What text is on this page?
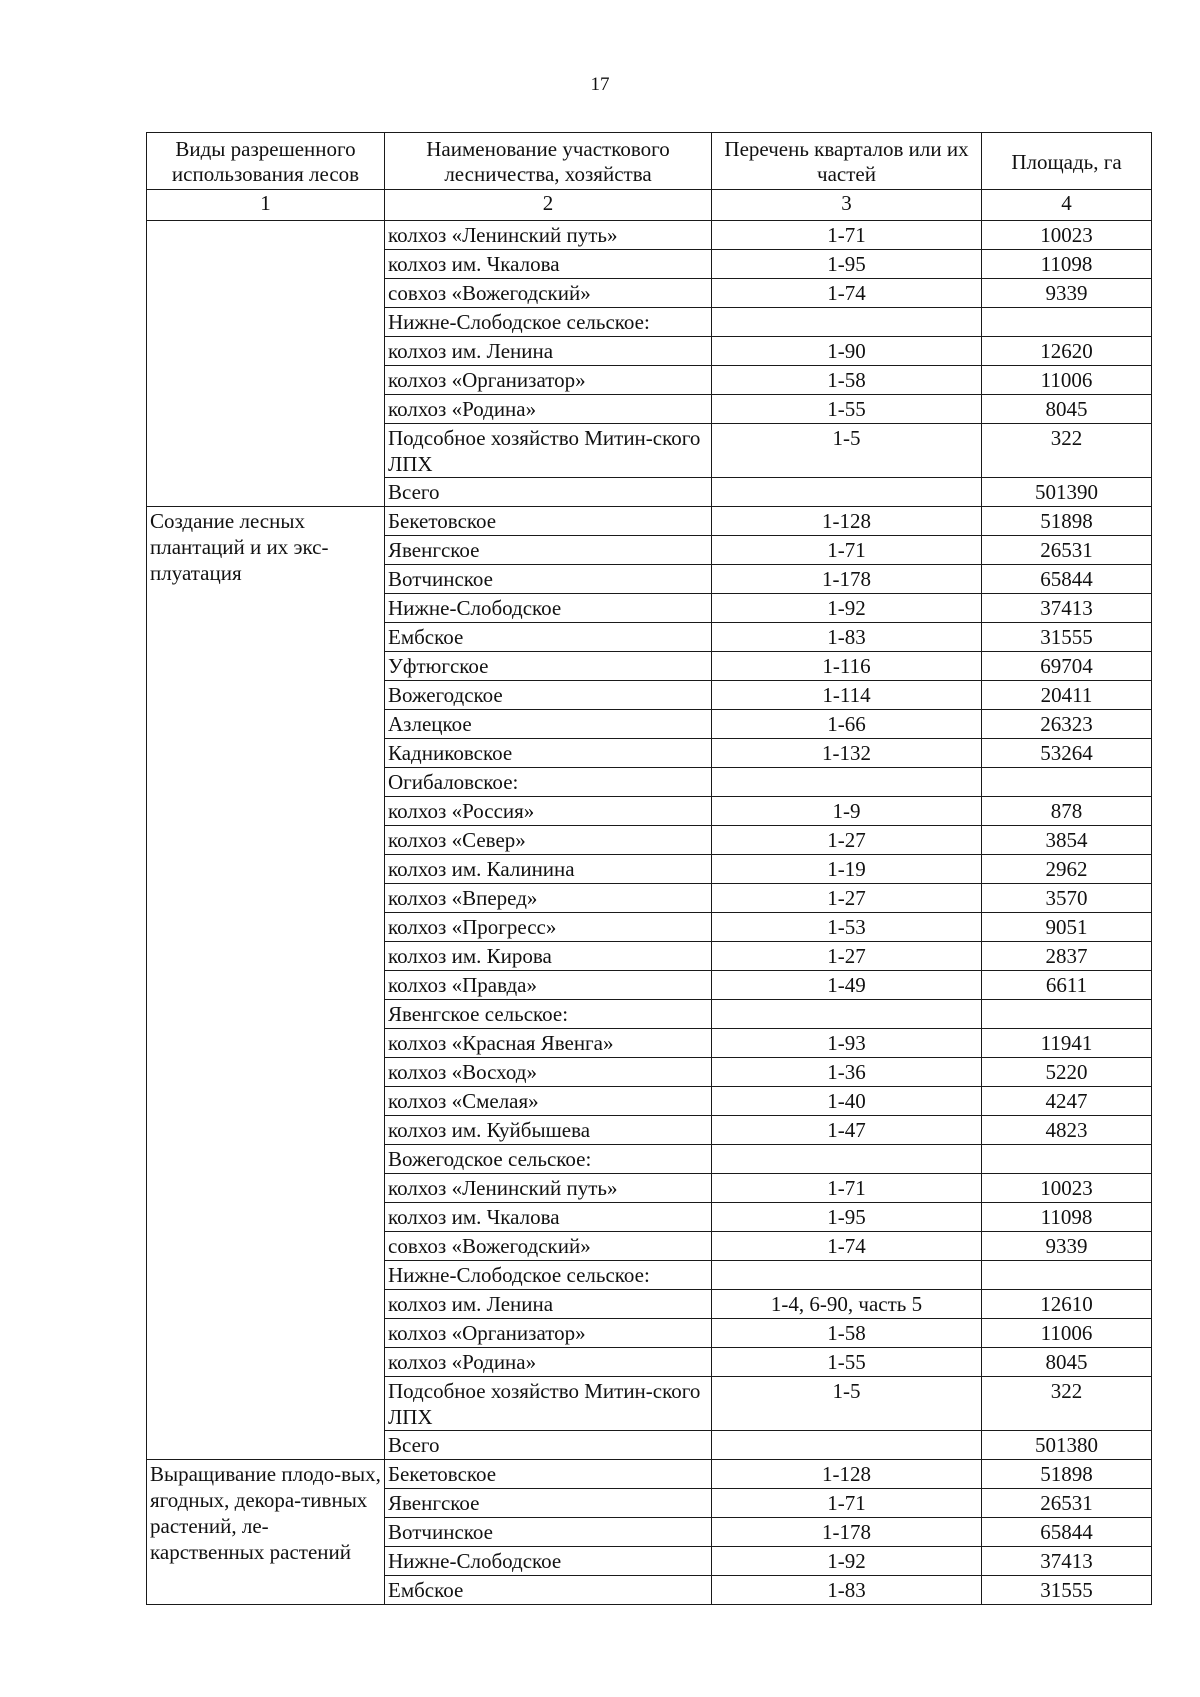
17
Виды разрешенного использования лесов	Наименование участкового лесничества, хозяйства	Перечень кварталов или их частей	Площадь, га
1	2	3	4
	колхоз «Ленинский путь»	1-71	10023
	колхоз им. Чкалова	1-95	11098
	совхоз «Вожегодский»	1-74	9339
	Нижне-Слободское сельское:		
	колхоз им. Ленина	1-90	12620
	колхоз «Организатор»	1-58	11006
	колхоз «Родина»	1-55	8045
	Подсобное хозяйство Митин-ского ЛПХ	1-5	322
	Всего		501390
Создание лесных плантаций и их экс-плуатация	Бекетовское	1-128	51898
	Явенгское	1-71	26531
	Вотчинское	1-178	65844
	Нижне-Слободское	1-92	37413
	Ембское	1-83	31555
	Уфтюгское	1-116	69704
	Вожегодское	1-114	20411
	Азлецкое	1-66	26323
	Кадниковское	1-132	53264
	Огибаловское:		
	колхоз «Россия»	1-9	878
	колхоз «Север»	1-27	3854
	колхоз им. Калинина	1-19	2962
	колхоз «Вперед»	1-27	3570
	колхоз «Прогресс»	1-53	9051
	колхоз им. Кирова	1-27	2837
	колхоз «Правда»	1-49	6611
	Явенгское сельское:		
	колхоз «Красная Явенга»	1-93	11941
	колхоз «Восход»	1-36	5220
	колхоз «Смелая»	1-40	4247
	колхоз им. Куйбышева	1-47	4823
	Вожегодское сельское:		
	колхоз «Ленинский путь»	1-71	10023
	колхоз им. Чкалова	1-95	11098
	совхоз «Вожегодский»	1-74	9339
	Нижне-Слободское сельское:		
	колхоз им. Ленина	1-4, 6-90, часть 5	12610
	колхоз «Организатор»	1-58	11006
	колхоз «Родина»	1-55	8045
	Подсобное хозяйство Митин-ского ЛПХ	1-5	322
	Всего		501380
Выращивание плодо-вых, ягодных, декора-тивных растений, ле-карственных растений	Бекетовское	1-128	51898
	Явенгское	1-71	26531
	Вотчинское	1-178	65844
	Нижне-Слободское	1-92	37413
	Ембское	1-83	31555
